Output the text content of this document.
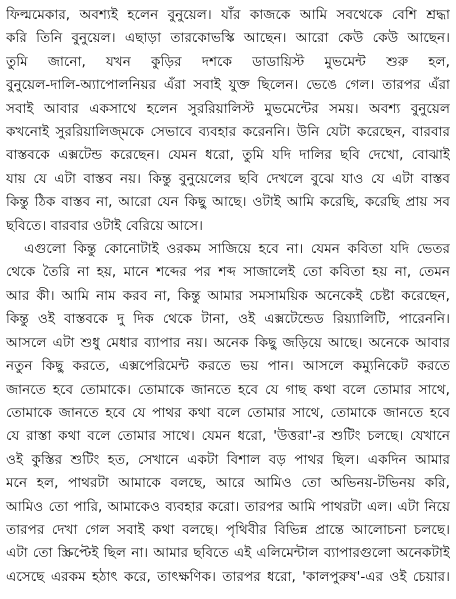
ফিল্মমেকার, অবশ্যই হলেন বুনুয়েল। যাঁর কাজকে আমি সবথেকে বেশি শ্রদ্ধা
করি তিনি বুনুয়েল। এছাড়া তারকোভস্কি আছেন। আরো কেউ কেউ আছেন।
তুমি জানো, যখন কুড়ির দশকে ডাডায়িস্ট মুভমেন্ট শুরু হল,
বুনুয়েল-দালি-অ্যাপোলনিয়র এঁরা সবাই যুক্ত ছিলেন। ভেঙে গেল। তারপর এঁরা
সবাই আবার একসাথে হলেন সুররিয়ালিস্ট মুভমেন্টের সময়। অবশ্য বুনুয়েল
কখনোই সুররিয়ালিজ্‌মকে সেভাবে ব্যবহার করেননি। উনি যেটা করেছেন, বারবার
বাস্তবকে এক্সটেন্ড করেছেন। যেমন ধরো, তুমি যদি দালির ছবি দেখো, বোঝাই
যায় যে এটা বাস্তব নয়। কিন্তু বুনুয়েলের ছবি দেখলে বুঝে যাও যে এটা বাস্তব
কিন্তু ঠিক বাস্তব না, আরো যেন কিছু আছে। ওটাই আমি করেছি, করেছি প্রায় সব
ছবিতে। বারবার ওটাই বেরিয়ে আসে।
এগুলো কিন্তু কোনোটাই ওরকম সাজিয়ে হবে না। যেমন কবিতা যদি ভেতর
থেকে তৈরি না হয়, মানে শব্দের পর শব্দ সাজালেই তো কবিতা হয় না, তেমন
আর কী। আমি নাম করব না, কিন্তু আমার সমসাময়িক অনেকেই চেষ্টা করেছেন,
কিন্তু ওই বাস্তবকে দু দিক থেকে টানা, ওই এক্সটেন্ডেড রিয়্যালিটি, পারেননি।
আসলে এটা শুধু মেধার ব্যাপার নয়। অনেক কিছু জড়িয়ে আছে। অনেকে আবার
নতুন কিছু করতে, এক্সপেরিমেন্ট করতে ভয় পান। আসলে কম্যুনিকেট করতে
জানতে হবে তোমাকে। তোমাকে জানতে হবে যে গাছ কথা বলে তোমার সাথে,
তোমাকে জানতে হবে যে পাথর কথা বলে তোমার সাথে, তোমাকে জানতে হবে
যে রাস্তা কথা বলে তোমার সাথে। যেমন ধরো, 'উত্তরা'-র শুটিং চলছে। যেখানে
ওই কুস্তির শুটিং হত, সেখানে একটা বিশাল বড় পাথর ছিল। একদিন আমার
মনে হল, পাথরটা আমাকে বলছে, আরে আমিও তো অভিনয়-টভিনয় করি,
আমিও তো পারি, আমাকেও ব্যবহার করো। তারপর আমি পাথরটা এল। এটা নিয়ে
তারপর দেখা গেল সবাই কথা বলছে। পৃথিবীর বিভিন্ন প্রান্তে আলোচনা চলছে।
এটা তো স্ক্রিপ্টেই ছিল না। আমার ছবিতে এই এলিমেন্টাল ব্যাপারগুলো অনেকটাই
এসেছে এরকম হঠাৎ করে, তাৎক্ষণিক। তারপর ধরো, 'কালপুরুষ'-এর ওই চেয়ার।
